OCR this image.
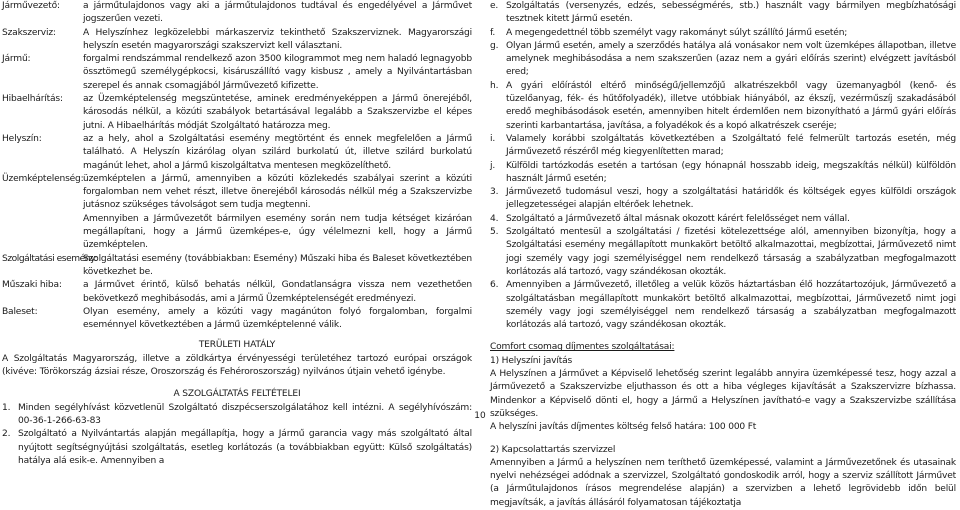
Járművezető:	a járműtulajdonos vagy aki a járműtulajdonos tudtával és engedélyével a Járművet jogszerűen vezeti.
Szakszerviz:	A Helyszínhez legközelebbi márkaszerviz tekinthető Szakszerviznek. Magyarországi helyszín esetén magyarországi szakszervizt kell választani.
Jármű:	forgalmi rendszámmal rendelkező azon 3500 kilogrammot meg nem haladó legnagyobb össztömegű személygépkocsi, kisáruszállító vagy kisbusz , amely a Nyilvántartásban szerepel és annak csomagjából Járművezető kifizette.
Hibaelhárítás:	az Üzemképtelenség megszüntetése, aminek eredményeképpen a Jármű önerejéből, károsodás nélkül, a közúti szabályok betartásával legalább a Szakszervizbe el képes jutni. A Hibaelhárítás módját Szolgáltató határozza meg.
Helyszín:	az a hely, ahol a Szolgáltatási esemény megtörtént és ennek megfelelően a Jármű található. A Helyszín kizárólag olyan szilárd burkolatú út, illetve szilárd burkolatú magánút lehet, ahol a Jármű kiszolgáltatva mentesen megközelíthető.
Üzemképtelenség: üzemképtelen a Jármű, amennyiben a közúti közlekedés szabályai szerint a közúti forgalomban nem vehet részt, illetve önerejéből károsodás nélkül még a Szakszervizbe jutásnoz szükséges távolságot sem tudja megtenni.
Amennyiben a Járművezetőt bármilyen esemény során nem tudja kétséget kizáróan megállapítani, hogy a Jármű üzemképes-e, úgy vélelmezni kell, hogy a Jármű üzemképtelen.
Szolgáltatási esemény:
Szolgáltatási esemény (továbbiakban: Esemény) Műszaki hiba és Baleset következtében következhet be.
Műszaki hiba:	a Járművet érintő, külső behatás nélkül, Gondatlanságra vissza nem vezethetően bekövetkező meghibásodás, ami a Jármű Üzemképtelenségét eredményezi.
Baleset:	Olyan esemény, amely a közúti vagy magánúton folyó forgalomban, forgalmi eseménnyel következtében a Jármű üzemképtelenné válik.
TERÜLETI HATÁLY
A Szolgáltatás Magyarország, illetve a zöldkártya érvényességi területéhez tartozó európai országok (kivéve: Törökország ázsiai része, Oroszország és Fehéroroszország) nyilvános útjain vehető igénybe.
A SZOLGÁLTATÁS FELTÉTELEI
1. Minden segélyhívást közvetlenül Szolgáltató diszpécserszolgálatához kell intézni. A segélyhívószám: 00-36-1-266-63-83
2. Szolgáltató a Nyilvántartás alapján megállapítja, hogy a Jármű garancia vagy más szolgáltató által nyújtott segítségnyújtási szolgáltatás, esetleg korlátozás (a továbbiakban együtt: Külső szolgáltatás) hatálya alá esik-e. Amennyiben a
10
e. Szolgáltatás (versenyzés, edzés, sebességmérés, stb.) használt vagy bármilyen megbízhatósági tesztnek kitett Jármű esetén.
f.	A megengedettnél több személyt vagy rakományt súlyt szállító Jármű esetén;
g. Olyan Jármű esetén, amely a szerződés hatálya alá vonásakor nem volt üzemképes állapotban, illetve amelynek meghibásodása a nem szakszerűen (azaz nem a gyári előírás szerint) elvégzett javításból ered;
h. A gyári előírástól eltérő minőségű/jellemzőjű alkatrészekből vagy üzemanyagból (kenő- és tüzelőanyag, fék- és hűtőfolyadék), illetve utóbbiak hiányából, az ékszíj, vezérműszíj szakadásából eredő meghibásodások esetén, amennyiben hitelt érdemlően nem bizonyítható a Jármű gyári előírás szerinti karbantartása, javítása, a folyadékok és a kopó alkatrészek cseréje;
i.	Valamely korábbi szolgáltatás következtében a Szolgáltató felé felmerült tartozás esetén, még Járművezető részéről még kiegyenlítetten marad;
j.	Külföldi tartózkodás esetén a tartósan (egy hónapnál hosszabb ideig, megszakítás nélkül) külföldön használt Jármű esetén;
3. Járművezető tudomásul veszi, hogy a szolgáltatási határidők és költségek egyes külföldi országok jellegzetességei alapján eltérőek lehetnek.
4. Szolgáltató a Járművezető által másnak okozott kárért felelősséget nem vállal.
5. Szolgáltató mentesül a szolgáltatási / fizetési kötelezettsége alól, amennyiben bizonyítja, hogy a Szolgáltatási esemény megállapított munkakört betöltő alkalmazottai, megbízottai, Járművezető nimt jogi személy vagy jogi személyiséggel nem rendelkező társaság a szabályzatban megfogalmazott korlátozás alá tartozó, vagy szándékosan okozták.
6. Amennyiben a Járművezető, illetőleg a velük közös háztartásban élő hozzátartozójuk, Járművezető a szolgáltatásban megállapított munkakört betöltő alkalmazottai, megbízottai, Járművezető nimt jogi személy vagy jogi személyiséggel nem rendelkező társaság a szabályzatban megfogalmazott korlátozás alá tartozó, vagy szándékosan okozták.
Comfort csomag díjmentes szolgáltatásai:
1) Helyszíni javítás
A Helyszínen a Járművet a Képviselő lehetőség szerint legalább annyira üzemképessé tesz, hogy azzal a Járművezető a Szakszervizbe eljuthasson és ott a hiba végleges kijavítását a Szakszervizre bízhassa. Mindenkor a Képviselő dönti el, hogy a Jármű a Helyszínen javítható-e vagy a Szakszervizbe szállítása szükséges.
A helyszíni javítás díjmentes költség felső határa: 100 000 Ft
2) Kapcsolattartás szervizzel
Amennyiben a Jármű a helyszínen nem teríthető üzemképessé, valamint a Járművezetőnek és utasainak nyelvi nehézségei adódnak a szervizzel, Szolgáltató gondoskodik arról, hogy a szerviz szállított Járművet (a Járműtulajdonos írásos megrendelése alapján) a szervizben a lehető legrövidebb időn belül megjavítsák, a javítás állásáról folyamatosan tájékoztatja
